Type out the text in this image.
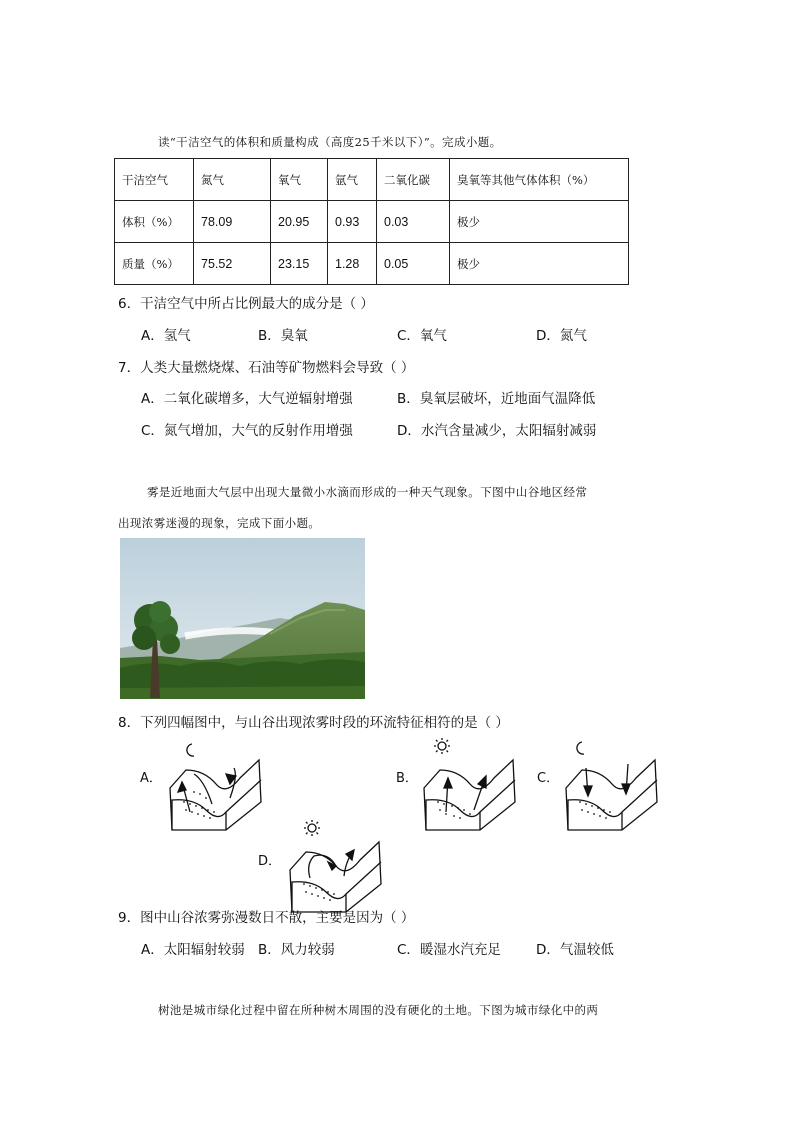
读“干洁空气的体积和质量构成（高度25千米以下）”。完成小题。
干洁空气	氮气	氧气	氩气	二氧化碳	臭氧等其他气体体积（%）
体积（%）	78.09	20.95	0.93	0.03	极少
质量（%）	75.52	23.15	1.28	0.05	极少
6．干洁空气中所占比例最大的成分是（ ）
A．氢气	B．臭氧	C．氧气	D．氮气
7．人类大量燃烧煤、石油等矿物燃料会导致（ ）
A．二氧化碳增多，大气逆辐射增强	B．臭氧层破坏，近地面气温降低
C．氮气增加，大气的反射作用增强	D．水汽含量减少，太阳辐射减弱
雾是近地面大气层中出现大量微小水滴而形成的一种天气现象。下图中山谷地区经常
出现浓雾迷漫的现象，完成下面小题。
8．下列四幅图中，与山谷出现浓雾时段的环流特征相符的是（ ）
A．	B．	C．
D．
9．图中山谷浓雾弥漫数日不散，主要是因为（ ）
A．太阳辐射较弱 B．风力较弱	C．暖湿水汽充足	D．气温较低
树池是城市绿化过程中留在所种树木周围的没有硬化的土地。下图为城市绿化中的两
